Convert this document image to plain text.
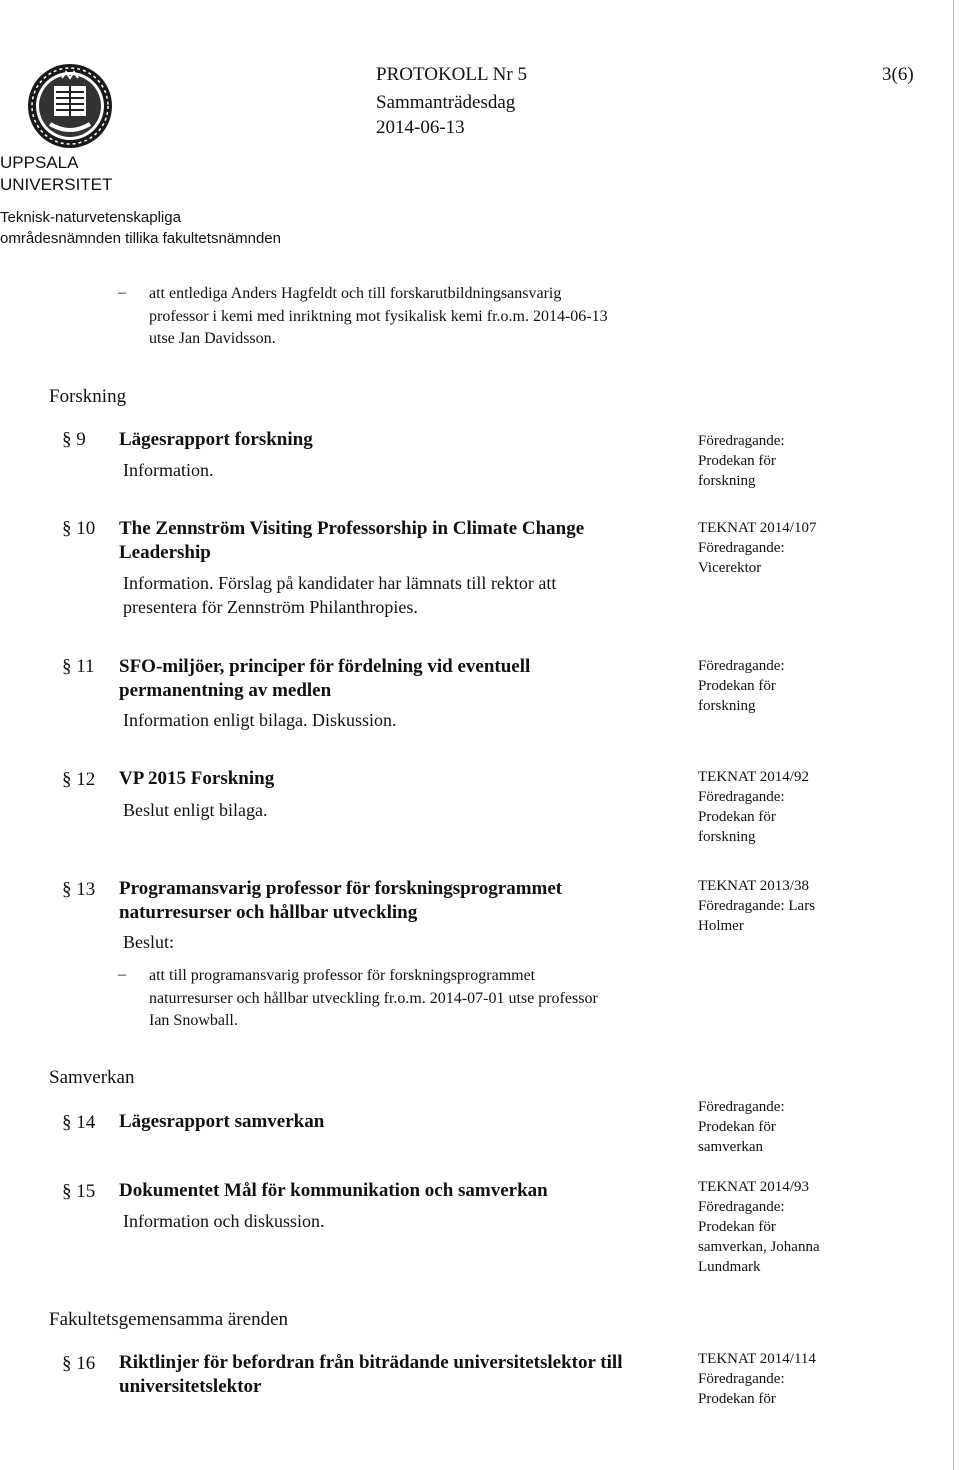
UPPSALA
UNIVERSITET
Teknisk-naturvetenskapliga
områdesnämnden tillika fakultetsnämnden
PROTOKOLL Nr 5
Sammanträdesdag
2014-06-13
3(6)
– att entlediga Anders Hagfeldt och till forskarutbildningsansvarig
professor i kemi med inriktning mot fysikalisk kemi fr.o.m. 2014-06-13
utse Jan Davidsson.
Forskning
§ 9 Lägesrapport forskning
Information.
Föredragande:
Prodekan för
forskning
§ 10 The Zennström Visiting Professorship in Climate Change
Leadership
Information. Förslag på kandidater har lämnats till rektor att
presentera för Zennström Philanthropies.
TEKNAT 2014/107
Föredragande:
Vicerektor
§ 11 SFO-miljöer, principer för fördelning vid eventuell
permanentning av medlen
Information enligt bilaga. Diskussion.
Föredragande:
Prodekan för
forskning
§ 12 VP 2015 Forskning
Beslut enligt bilaga.
TEKNAT 2014/92
Föredragande:
Prodekan för
forskning
§ 13 Programansvarig professor för forskningsprogrammet
naturresurser och hållbar utveckling
Beslut:
– att till programansvarig professor för forskningsprogrammet
naturresurser och hållbar utveckling fr.o.m. 2014-07-01 utse professor
Ian Snowball.
TEKNAT 2013/38
Föredragande: Lars
Holmer
Samverkan
§ 14 Lägesrapport samverkan
Föredragande:
Prodekan för
samverkan
§ 15 Dokumentet Mål för kommunikation och samverkan
Information och diskussion.
TEKNAT 2014/93
Föredragande:
Prodekan för
samverkan, Johanna
Lundmark
Fakultetsgemensamma ärenden
§ 16 Riktlinjer för befordran från biträdande universitetslektor till
universitetslektor
TEKNAT 2014/114
Föredragande:
Prodekan för
